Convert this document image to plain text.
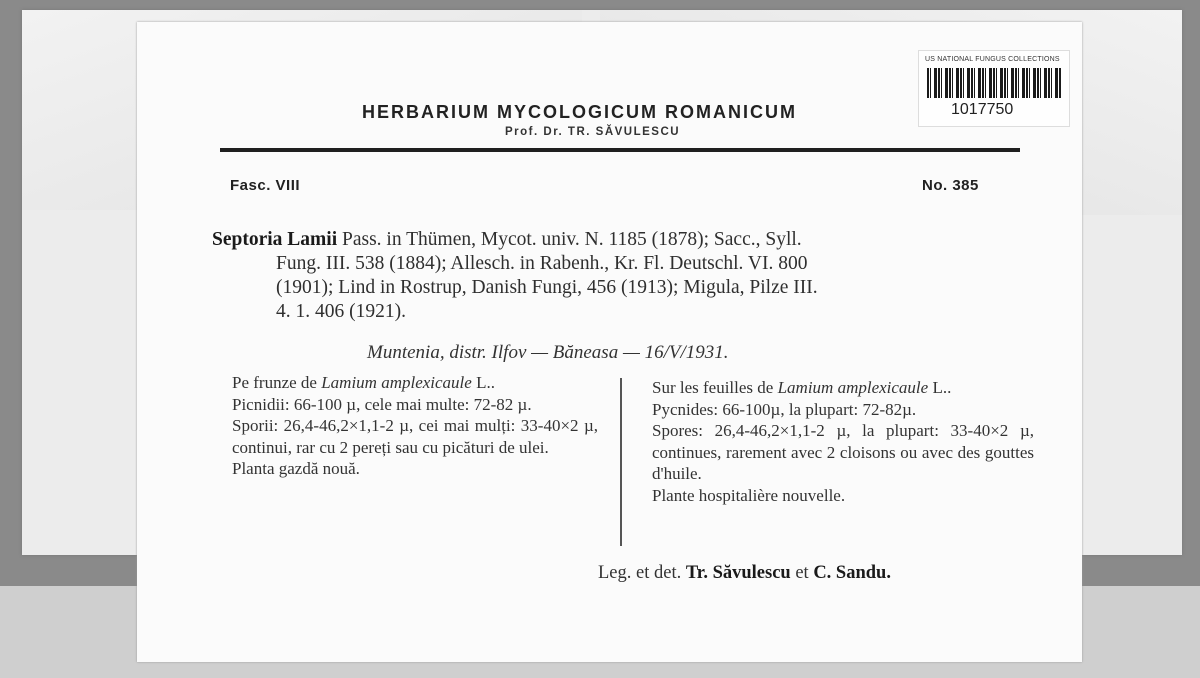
US NATIONAL FUNGUS COLLECTIONS
1017750
HERBARIUM MYCOLOGICUM ROMANICUM
Prof. Dr. TR. SĂVULESCU
Fasc. VIII	No. 385
Septoria Lamii Pass. in Thümen, Mycot. univ. N. 1185 (1878); Sacc., Syll.
Fung. III. 538 (1884); Allesch. in Rabenh., Kr. Fl. Deutschl. VI. 800
(1901); Lind in Rostrup, Danish Fungi, 456 (1913); Migula, Pilze III.
4. 1. 406 (1921).
Muntenia, distr. Ilfov — Băneasa — 16/V/1931.

Pe frunze de Lamium amplexicaule L..

Picnidii: 66-100 µ, cele mai multe: 72-82 µ.

Sporii: 26,4-46,2×1,1-2 µ, cei mai mulți: 33-40×2 µ, continui, rar cu 2 pereți sau cu picături de ulei.

Planta gazdă nouă.

Sur les feuilles de Lamium amplexicaule L..

Pycnides: 66-100µ, la plupart: 72-82µ.

Spores: 26,4-46,2×1,1-2 µ, la plupart: 33-40×2 µ, continues, rarement avec 2 cloisons ou avec des gouttes d'huile.

Plante hospitalière nouvelle.

Leg. et det. Tr. Săvulescu et C. Sandu.
